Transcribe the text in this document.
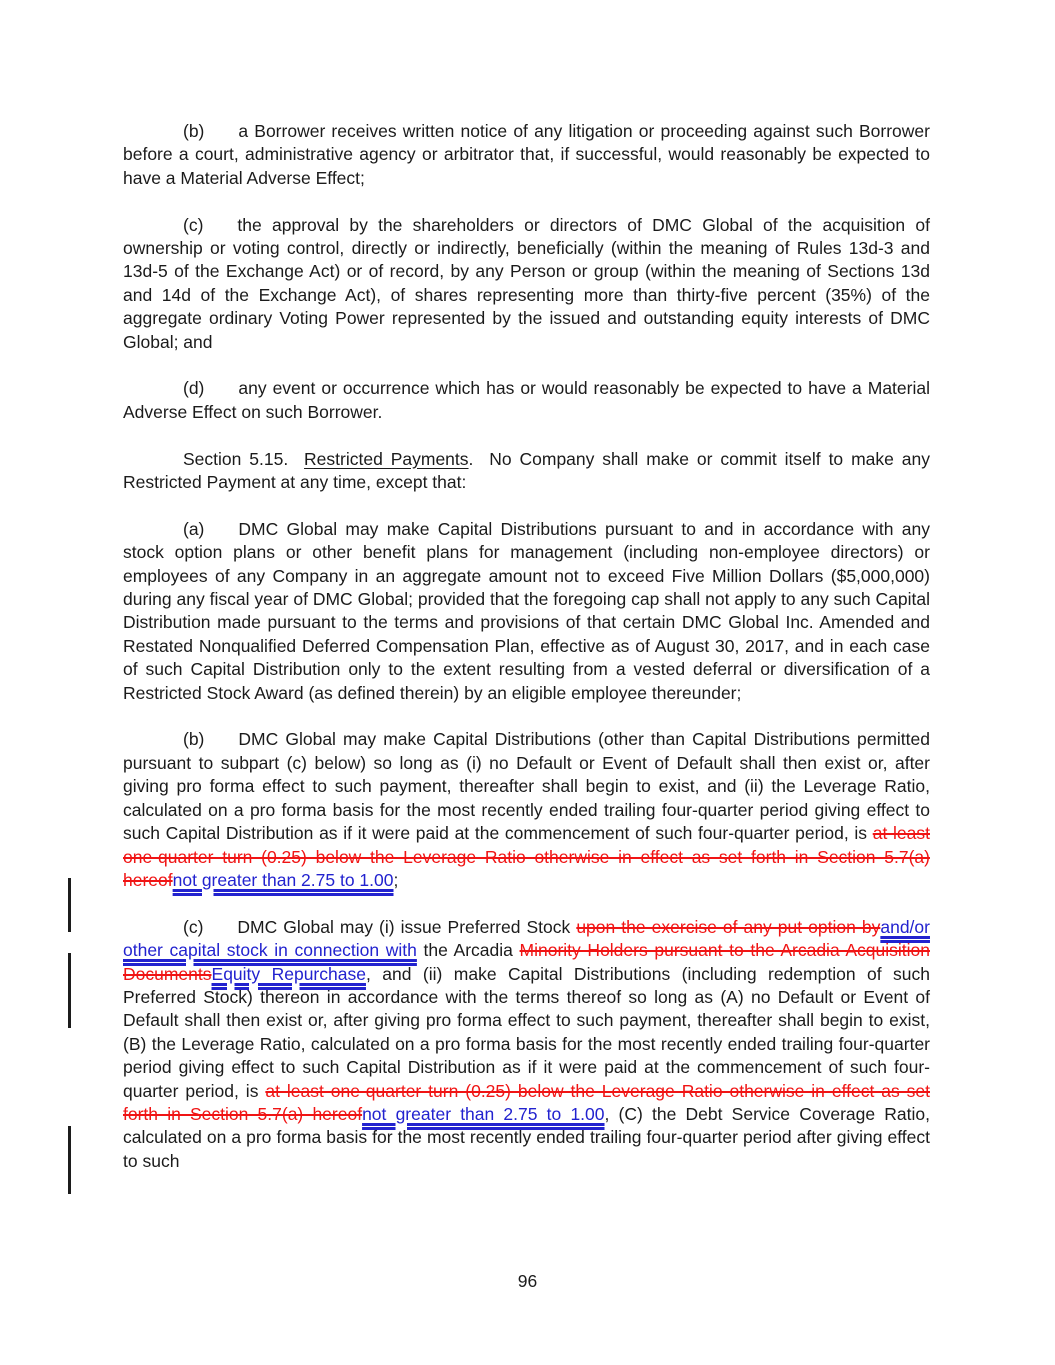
(b) a Borrower receives written notice of any litigation or proceeding against such Borrower before a court, administrative agency or arbitrator that, if successful, would reasonably be expected to have a Material Adverse Effect;

(c) the approval by the shareholders or directors of DMC Global of the acquisition of ownership or voting control, directly or indirectly, beneficially (within the meaning of Rules 13d-3 and 13d-5 of the Exchange Act) or of record, by any Person or group (within the meaning of Sections 13d and 14d of the Exchange Act), of shares representing more than thirty-five percent (35%) of the aggregate ordinary Voting Power represented by the issued and outstanding equity interests of DMC Global; and

(d) any event or occurrence which has or would reasonably be expected to have a Material Adverse Effect on such Borrower.

Section 5.15.  Restricted Payments.  No Company shall make or commit itself to make any Restricted Payment at any time, except that:

(a) DMC Global may make Capital Distributions pursuant to and in accordance with any stock option plans or other benefit plans for management (including non-employee directors) or employees of any Company in an aggregate amount not to exceed Five Million Dollars ($5,000,000) during any fiscal year of DMC Global; provided that the foregoing cap shall not apply to any such Capital Distribution made pursuant to the terms and provisions of that certain DMC Global Inc. Amended and Restated Nonqualified Deferred Compensation Plan, effective as of August 30, 2017, and in each case of such Capital Distribution only to the extent resulting from a vested deferral or diversification of a Restricted Stock Award (as defined therein) by an eligible employee thereunder;

(b) DMC Global may make Capital Distributions (other than Capital Distributions permitted pursuant to subpart (c) below) so long as (i) no Default or Event of Default shall then exist or, after giving pro forma effect to such payment, thereafter shall begin to exist, and (ii) the Leverage Ratio, calculated on a pro forma basis for the most recently ended trailing four-quarter period giving effect to such Capital Distribution as if it were paid at the commencement of such four-quarter period, is at least one-quarter turn (0.25) below the Leverage Ratio otherwise in effect as set forth in Section 5.7(a) hereofnot greater than 2.75 to 1.00;

(c) DMC Global may (i) issue Preferred Stock upon the exercise of any put option byand/or other capital stock in connection with the Arcadia Minority Holders pursuant to the Arcadia Acquisition DocumentsEquity Repurchase, and (ii) make Capital Distributions (including redemption of such Preferred Stock) thereon in accordance with the terms thereof so long as (A) no Default or Event of Default shall then exist or, after giving pro forma effect to such payment, thereafter shall begin to exist, (B) the Leverage Ratio, calculated on a pro forma basis for the most recently ended trailing four-quarter period giving effect to such Capital Distribution as if it were paid at the commencement of such four-quarter period, is at least one-quarter turn (0.25) below the Leverage Ratio otherwise in effect as set forth in Section 5.7(a) hereofnot greater than 2.75 to 1.00, (C) the Debt Service Coverage Ratio, calculated on a pro forma basis for the most recently ended trailing four-quarter period after giving effect to such

96
